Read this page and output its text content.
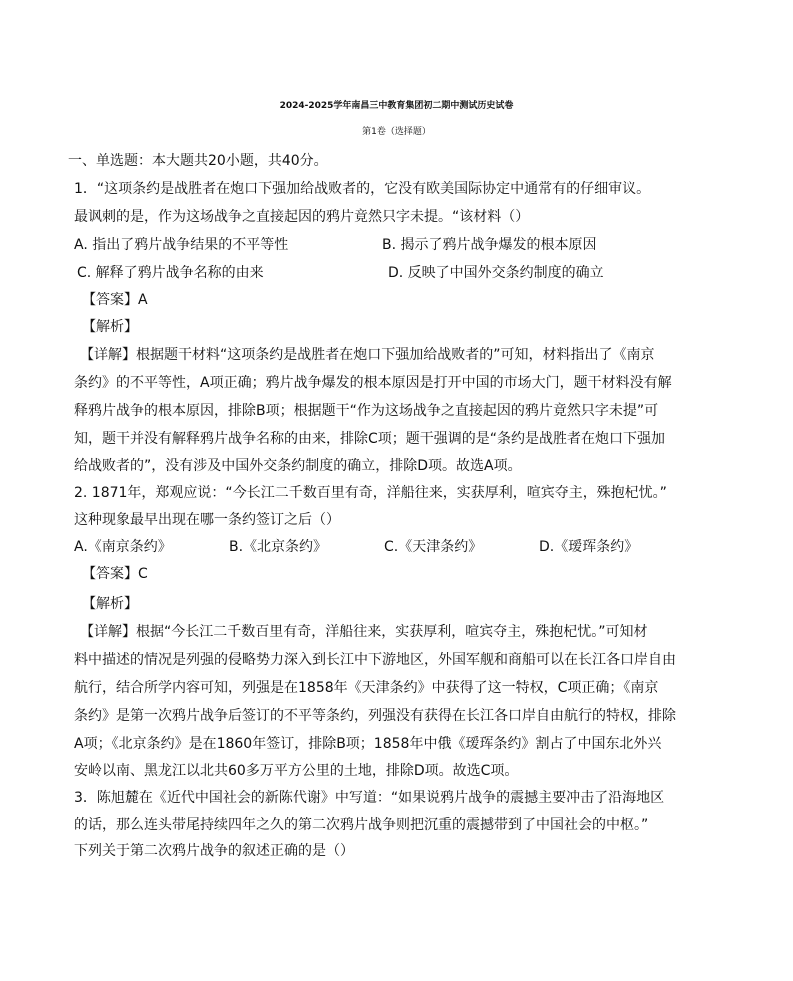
2024-2025学年南昌三中教育集团初二期中测试历史试卷
第1卷（选择题）
一、单选题：本大题共20小题，共40分。
1．“这项条约是战胜者在炮口下强加给战败者的，它没有欧美国际协定中通常有的仔细审议。
最讽刺的是，作为这场战争之直接起因的鸦片竟然只字未提。“该材料（）
A. 指出了鸦片战争结果的不平等性	B. 揭示了鸦片战争爆发的根本原因
C. 解释了鸦片战争名称的由来	D. 反映了中国外交条约制度的确立
【答案】A
【解析】
【详解】根据题干材料“这项条约是战胜者在炮口下强加给战败者的”可知，材料指出了《南京
条约》的不平等性，A项正确；鸦片战争爆发的根本原因是打开中国的市场大门，题干材料没有解
释鸦片战争的根本原因，排除B项；根据题干“作为这场战争之直接起因的鸦片竟然只字未提”可
知，题干并没有解释鸦片战争名称的由来，排除C项；题干强调的是“条约是战胜者在炮口下强加
给战败者的”，没有涉及中国外交条约制度的确立，排除D项。故选A项。
2. 1871年，郑观应说：“今长江二千数百里有奇，洋船往来，实获厚利，喧宾夺主，殊抱杞忧。”
这种现象最早出现在哪一条约签订之后（）
A.《南京条约》	B.《北京条约》	C.《天津条约》	D.《瑷珲条约》
【答案】C
【解析】
【详解】根据“今长江二千数百里有奇，洋船往来，实获厚利，喧宾夺主，殊抱杞忧。”可知材
料中描述的情况是列强的侵略势力深入到长江中下游地区，外国军舰和商船可以在长江各口岸自由
航行，结合所学内容可知，列强是在1858年《天津条约》中获得了这一特权，C项正确；《南京
条约》是第一次鸦片战争后签订的不平等条约，列强没有获得在长江各口岸自由航行的特权，排除
A项；《北京条约》是在1860年签订，排除B项；1858年中俄《瑷珲条约》割占了中国东北外兴
安岭以南、黑龙江以北共60多万平方公里的土地，排除D项。故选C项。
3．陈旭麓在《近代中国社会的新陈代谢》中写道：“如果说鸦片战争的震撼主要冲击了沿海地区
的话，那么连头带尾持续四年之久的第二次鸦片战争则把沉重的震撼带到了中国社会的中枢。”
下列关于第二次鸦片战争的叙述正确的是（）
